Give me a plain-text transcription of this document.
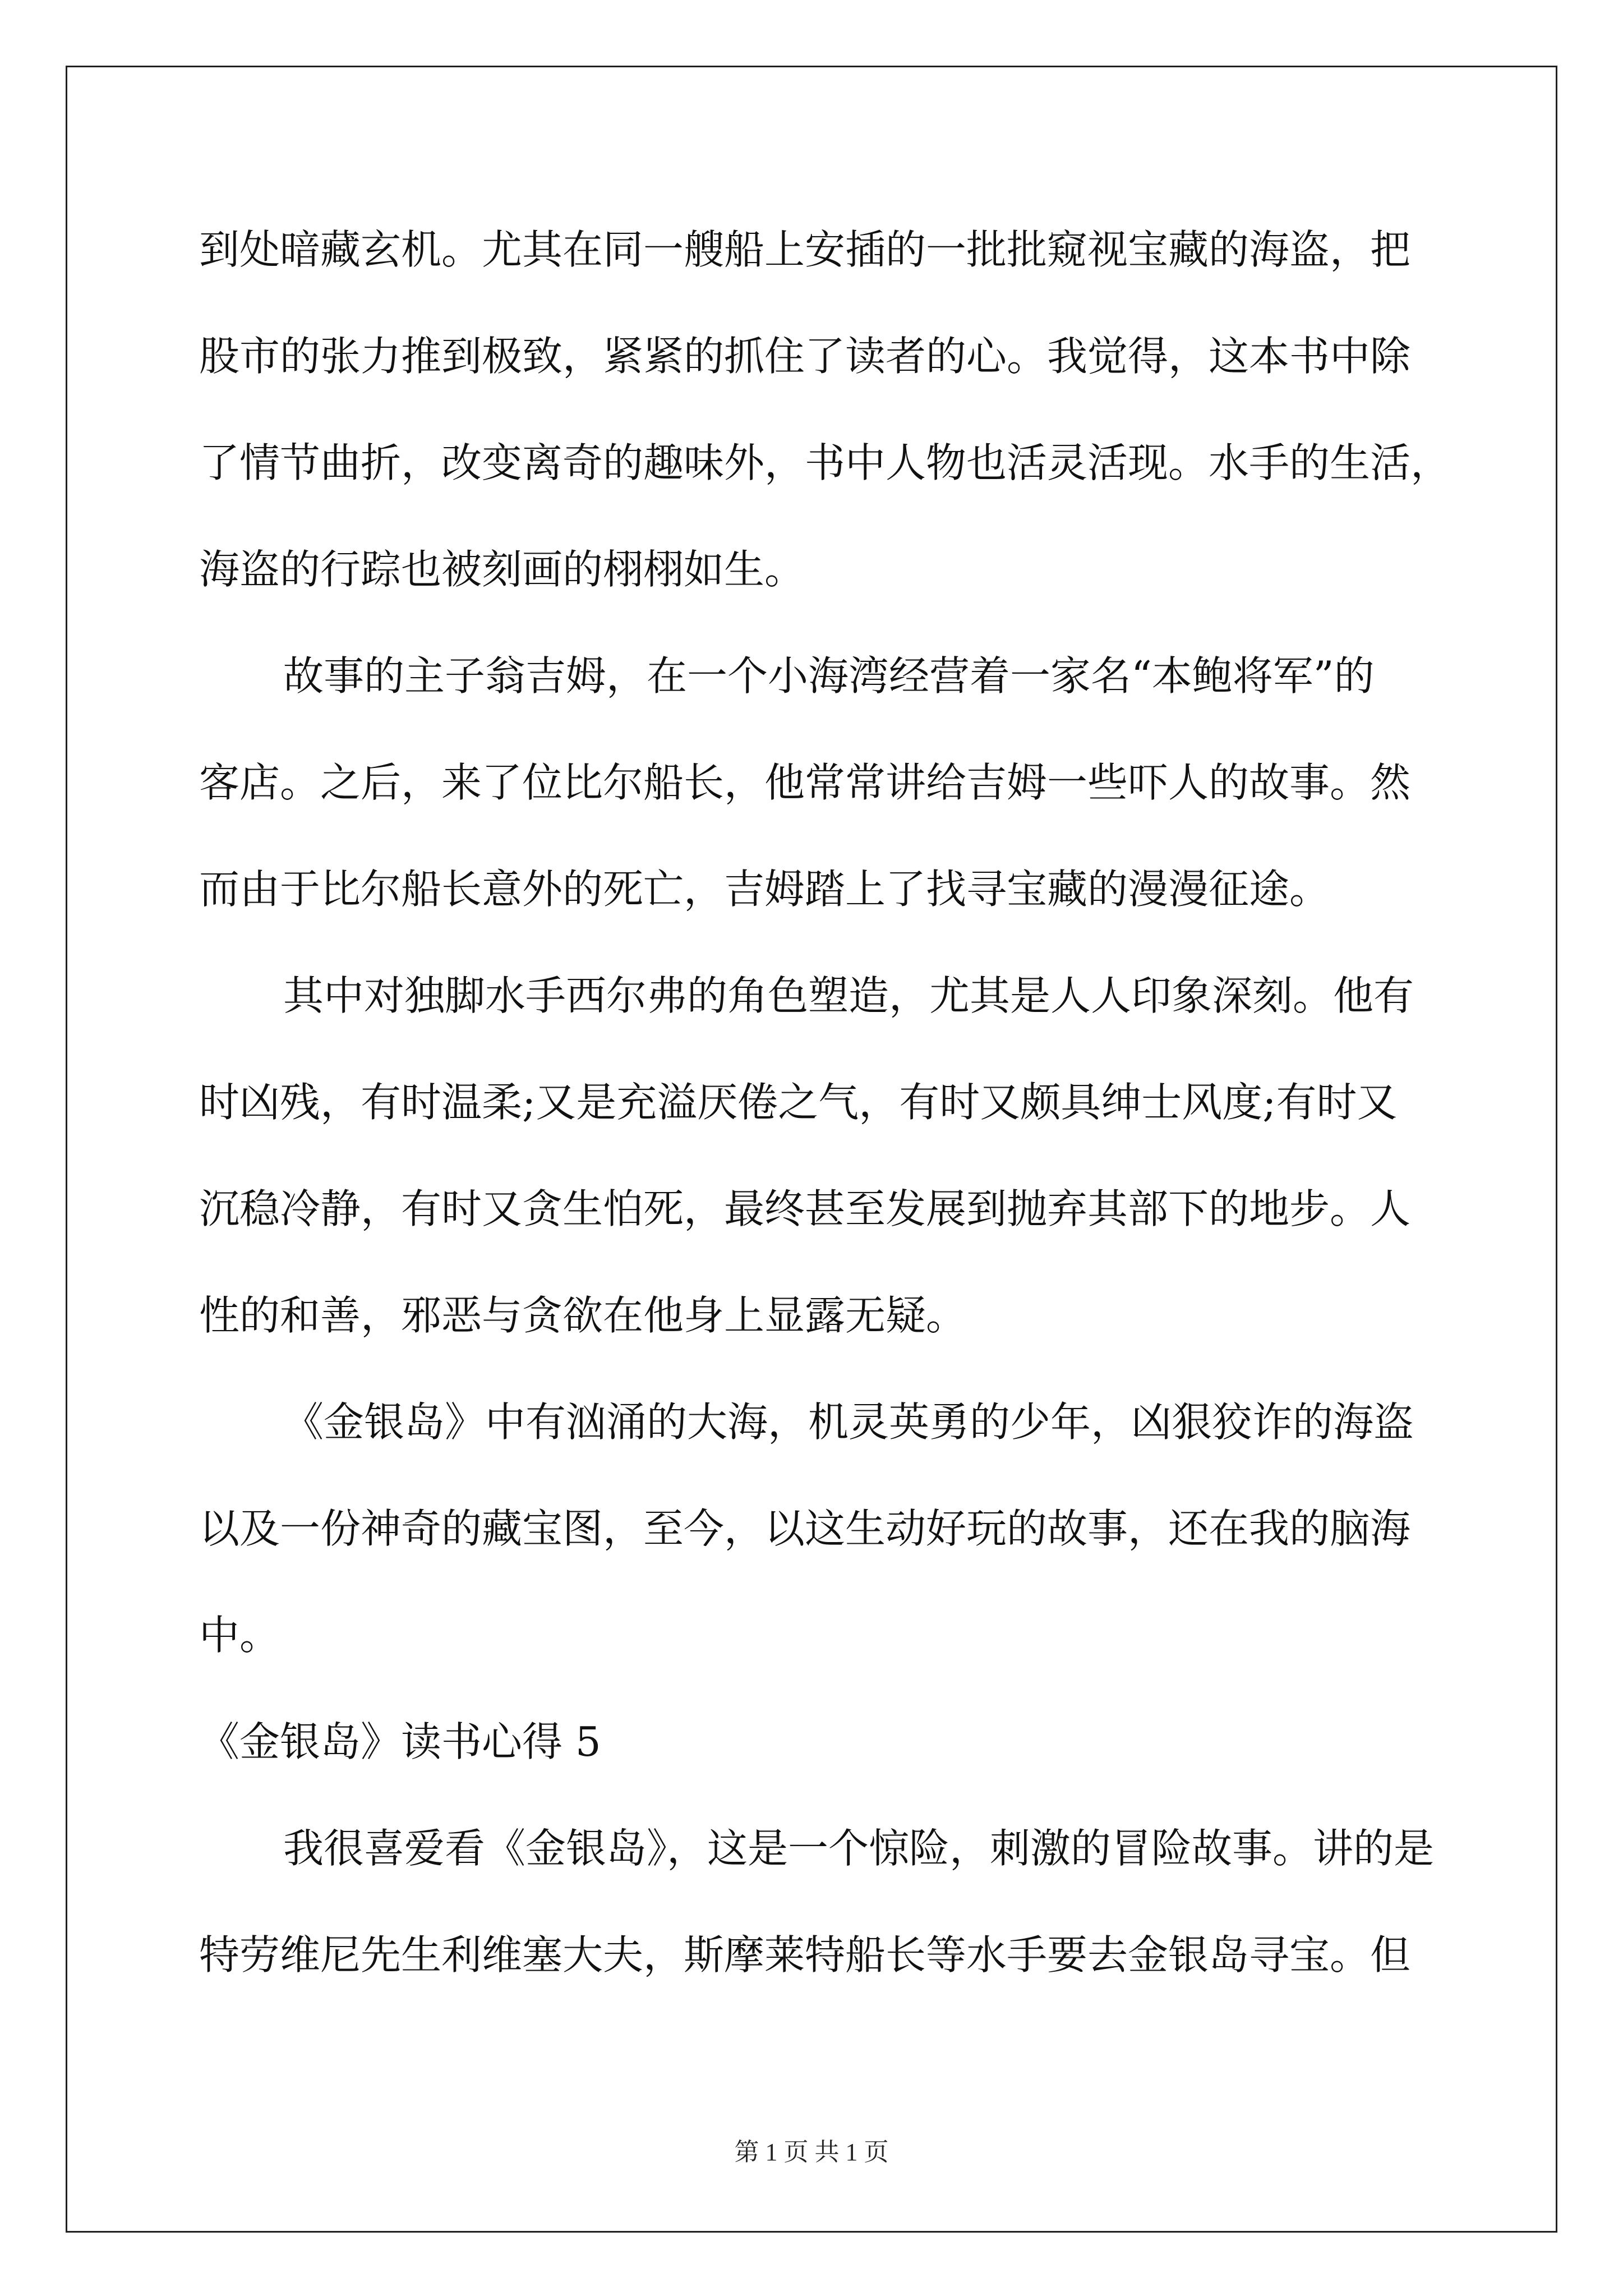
到处暗藏玄机。尤其在同一艘船上安插的一批批窥视宝藏的海盗，把
股市的张力推到极致，紧紧的抓住了读者的心。我觉得，这本书中除
了情节曲折，改变离奇的趣味外，书中人物也活灵活现。水手的生活，
海盗的行踪也被刻画的栩栩如生。
故事的主子翁吉姆，在一个小海湾经营着一家名“本鲍将军”的
客店。之后，来了位比尔船长，他常常讲给吉姆一些吓人的故事。然
而由于比尔船长意外的死亡，吉姆踏上了找寻宝藏的漫漫征途。
其中对独脚水手西尔弗的角色塑造，尤其是人人印象深刻。他有
时凶残，有时温柔;又是充溢厌倦之气，有时又颇具绅士风度;有时又
沉稳冷静，有时又贪生怕死，最终甚至发展到抛弃其部下的地步。人
性的和善，邪恶与贪欲在他身上显露无疑。
《金银岛》中有汹涌的大海，机灵英勇的少年，凶狠狡诈的海盗
以及一份神奇的藏宝图，至今，以这生动好玩的故事，还在我的脑海
中。
《金银岛》读书心得 5
我很喜爱看《金银岛》，这是一个惊险，刺激的冒险故事。讲的是
特劳维尼先生利维塞大夫，斯摩莱特船长等水手要去金银岛寻宝。但
第 1 页 共 1 页
